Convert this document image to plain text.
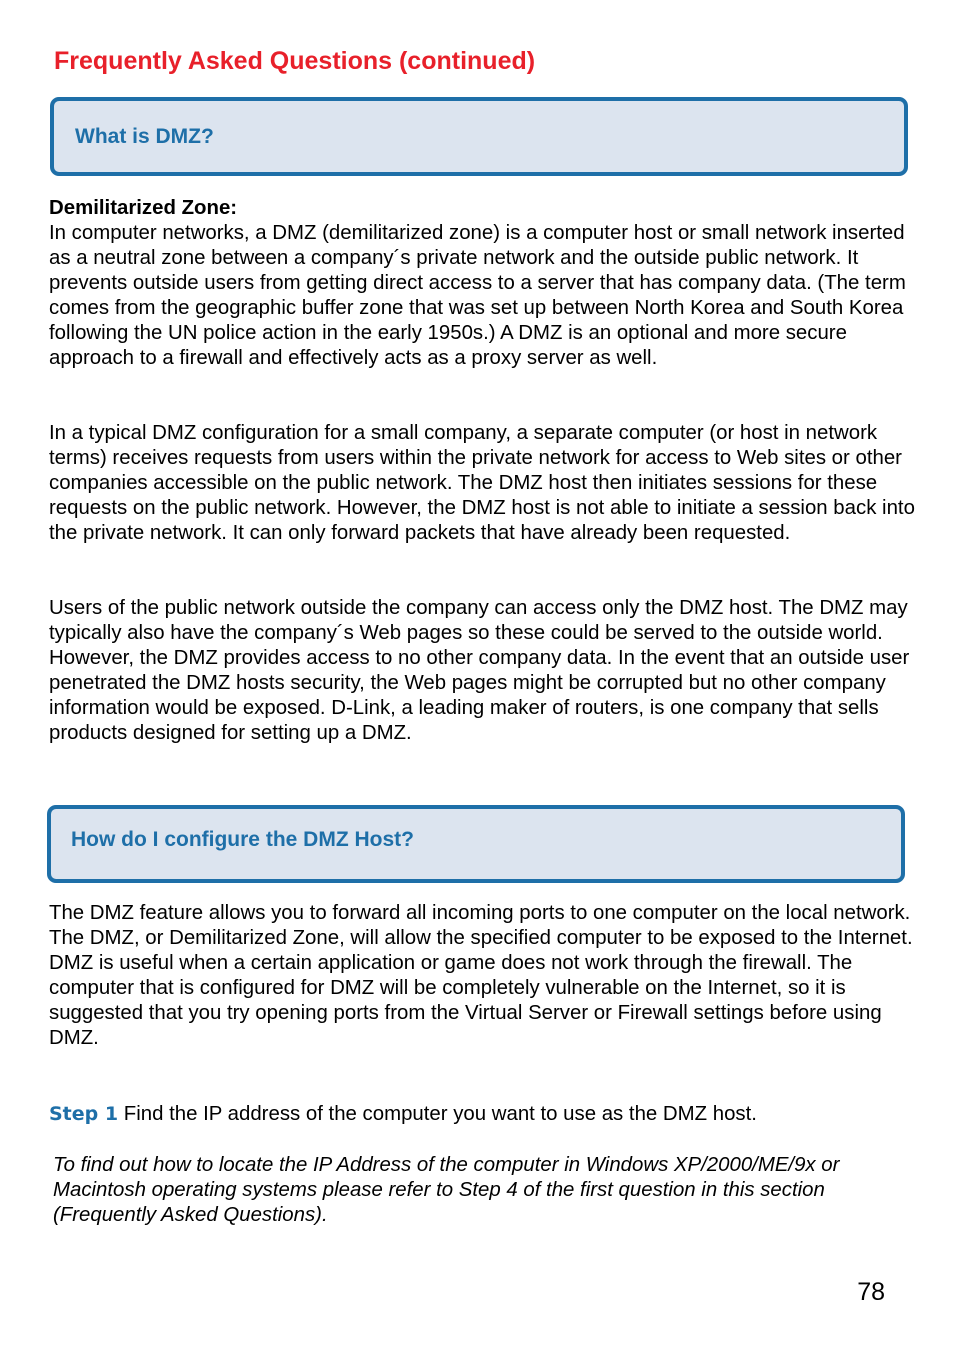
Frequently Asked Questions (continued)
What is DMZ?

Demilitarized Zone:

In computer networks, a DMZ (demilitarized zone) is a computer host or small network inserted as a neutral zone between a company´s private network and the outside public network. It prevents outside users from getting direct access to a server that has company data. (The term comes from the geographic buffer zone that was set up between North Korea and South Korea following the UN police action in the early 1950s.) A DMZ is an optional and more secure approach to a firewall and effectively acts as a proxy server as well.

In a typical DMZ configuration for a small company, a separate computer (or host in network terms) receives requests from users within the private network for access to Web sites or other companies accessible on the public network. The DMZ host then initiates sessions for these requests on the public network. However, the DMZ host is not able to initiate a session back into the private network. It can only forward packets that have already been requested.

Users of the public network outside the company can access only the DMZ host. The DMZ may typically also have the company´s Web pages so these could be served to the outside world. However, the DMZ provides access to no other company data. In the event that an outside user penetrated the DMZ hosts security, the Web pages might be corrupted but no other company information would be exposed. D-Link, a leading maker of routers, is one company that sells products designed for setting up a DMZ.

How do I configure the DMZ Host?

The DMZ feature allows you to forward all incoming ports to one computer on the local network. The DMZ, or Demilitarized Zone, will allow the specified computer to be exposed to the Internet. DMZ is useful when a certain application or game does not work through the firewall. The computer that is configured for DMZ will be completely vulnerable on the Internet, so it is suggested that you try opening ports from the Virtual Server or Firewall settings before using DMZ.

Step 1 Find the IP address of the computer you want to use as the DMZ host.

To find out how to locate the IP Address of the computer in Windows XP/2000/ME/9x or Macintosh operating systems please refer to Step 4 of the first question in this section (Frequently Asked Questions).

78
